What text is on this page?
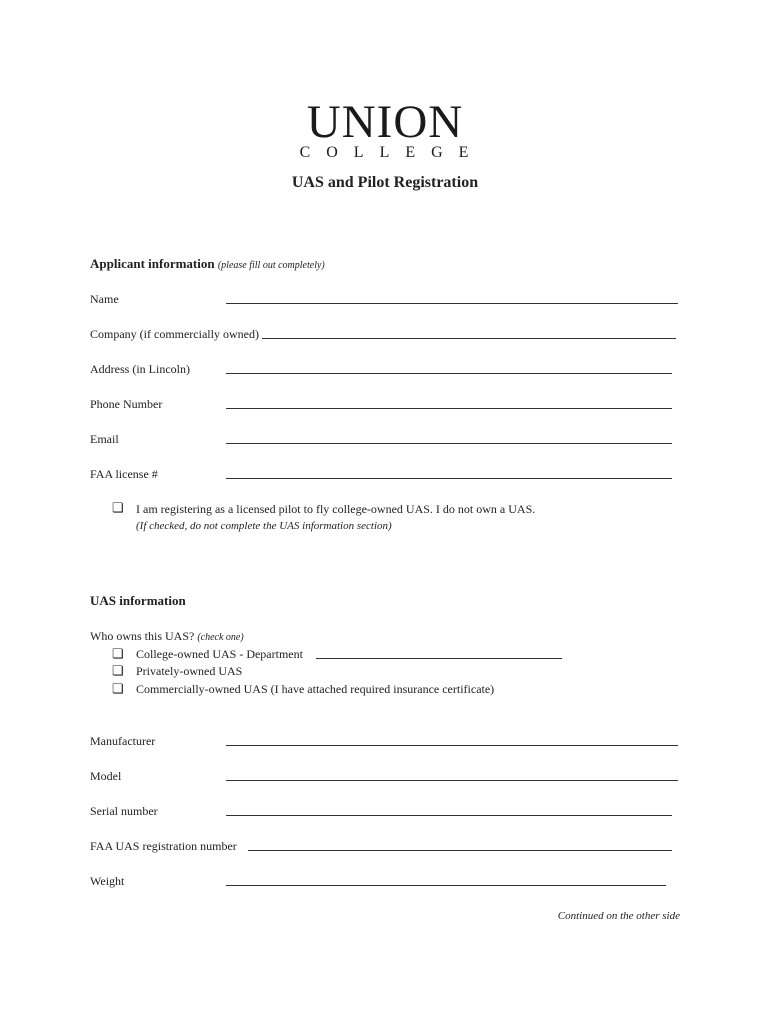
UNION
COLLEGE
UAS and Pilot Registration
Applicant information (please fill out completely)
Name
Company (if commercially owned)
Address (in Lincoln)
Phone Number
Email
FAA license #
❏ I am registering as a licensed pilot to fly college-owned UAS. I do not own a UAS.
(If checked, do not complete the UAS information section)
UAS information
Who owns this UAS? (check one)
❏ College-owned UAS - Department
❏ Privately-owned UAS
❏ Commercially-owned UAS (I have attached required insurance certificate)
Manufacturer
Model
Serial number
FAA UAS registration number
Weight
Continued on the other side
